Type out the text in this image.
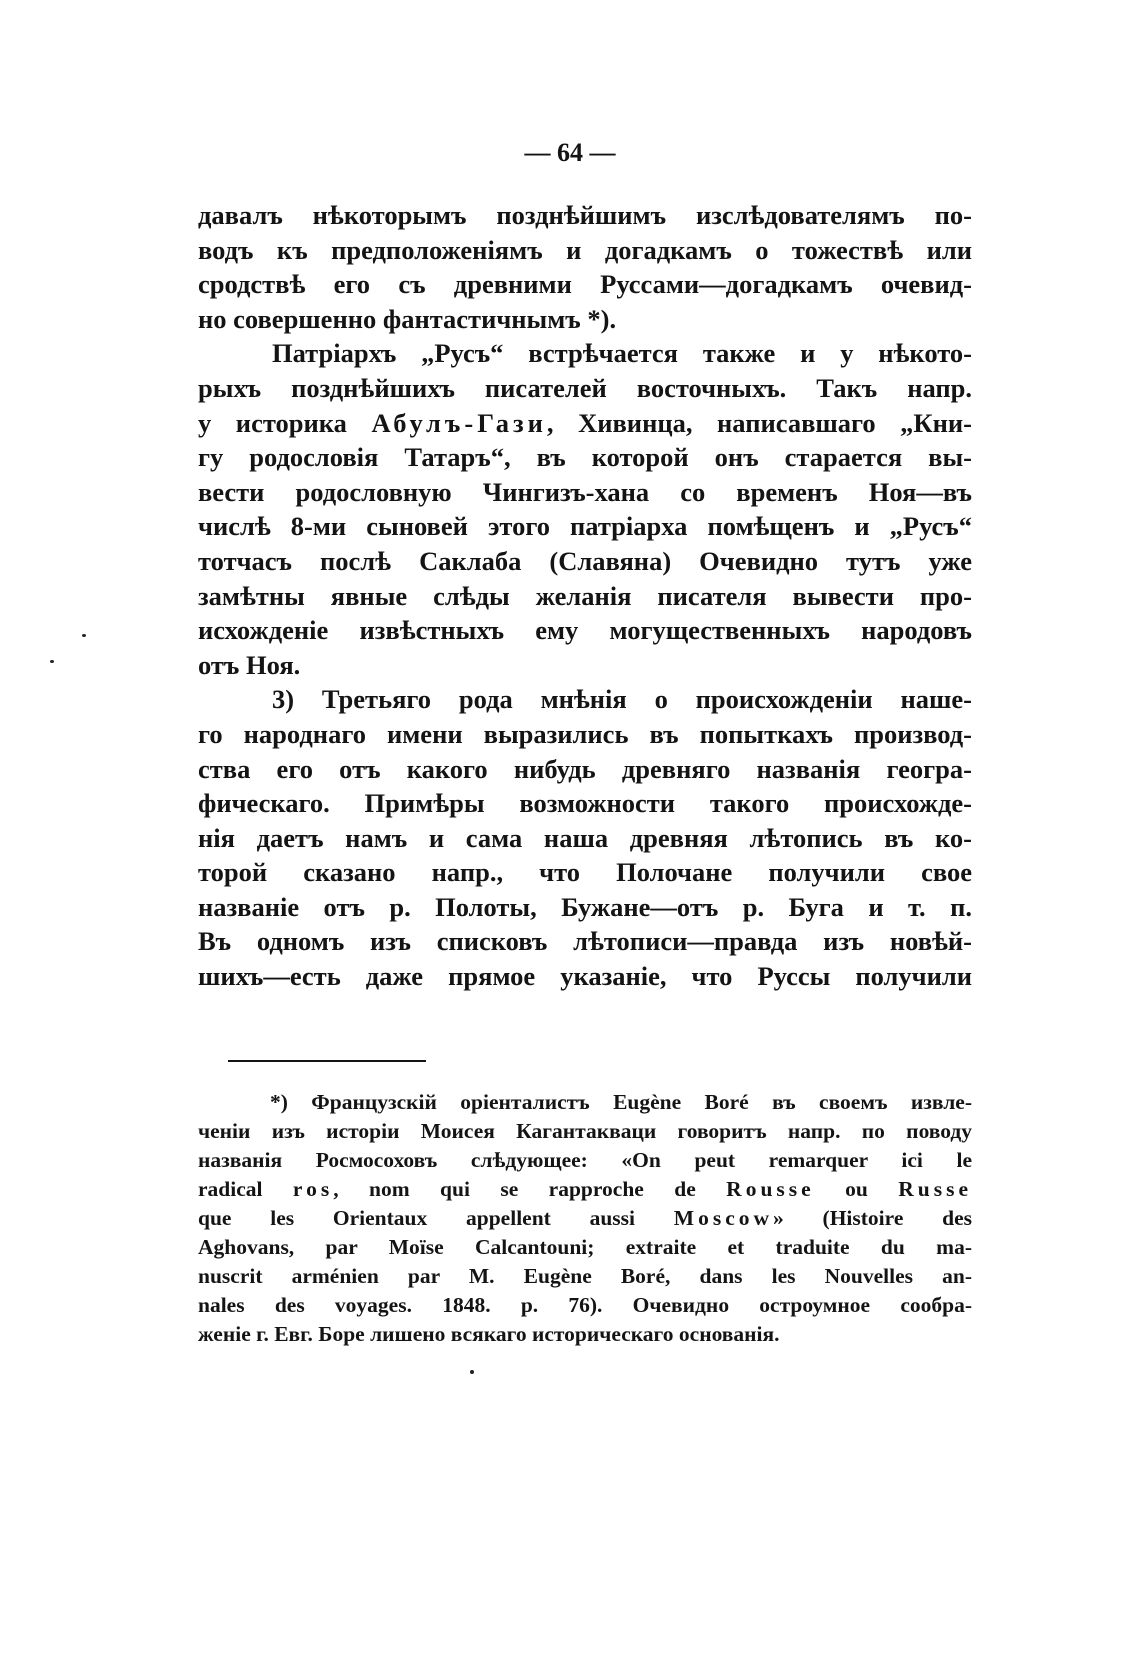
— 64 —
давалъ нѣкоторымъ позднѣйшимъ изслѣдователямъ по-
водъ къ предположеніямъ и догадкамъ о тожествѣ или
сродствѣ его съ древними Руссами—догадкамъ очевид-
но совершенно фантастичнымъ *).
Патріархъ „Русъ“ встрѣчается также и у нѣкото-
рыхъ позднѣйшихъ писателей восточныхъ. Такъ напр.
у историка Абулъ-Гази, Хивинца, написавшаго „Кни-
гу родословія Татаръ“, въ которой онъ старается вы-
вести родословную Чингизъ-хана со временъ Ноя—въ
числѣ 8-ми сыновей этого патріарха помѣщенъ и „Русъ“
тотчасъ послѣ Саклаба (Славяна) Очевидно тутъ уже
замѣтны явные слѣды желанія писателя вывести про-
исхожденіе извѣстныхъ ему могущественныхъ народовъ
отъ Ноя.
3) Третьяго рода мнѣнія о происхожденіи наше-
го народнаго имени выразились въ попыткахъ производ-
ства его отъ какого нибудь древняго названія геогра-
фическаго. Примѣры возможности такого происхожде-
нія даетъ намъ и сама наша древняя лѣтопись въ ко-
торой сказано напр., что Полочане получили свое
названіе отъ р. Полоты, Бужане—отъ р. Буга и т. п.
Въ одномъ изъ списковъ лѣтописи—правда изъ новѣй-
шихъ—есть даже прямое указаніе, что Руссы получили
*) Французскій оріенталистъ Eugène Boré въ своемъ извле-
ченіи изъ исторіи Моисея Кагантакваци говоритъ напр. по поводу
названія Росмосоховъ слѣдующее: «On peut remarquer ici le
radical ros, nom qui se rapproche de Rousse ou Russe
que les Orientaux appellent aussi Moscow» (Histoire des
Aghovans, par Moïse Calcantouni; extraite et traduite du ma-
nuscrit arménien par M. Eugène Boré, dans les Nouvelles an-
nales des voyages. 1848. p. 76). Очевидно остроумное сообра-
женіе г. Евг. Боре лишено всякаго историческаго основанія.
